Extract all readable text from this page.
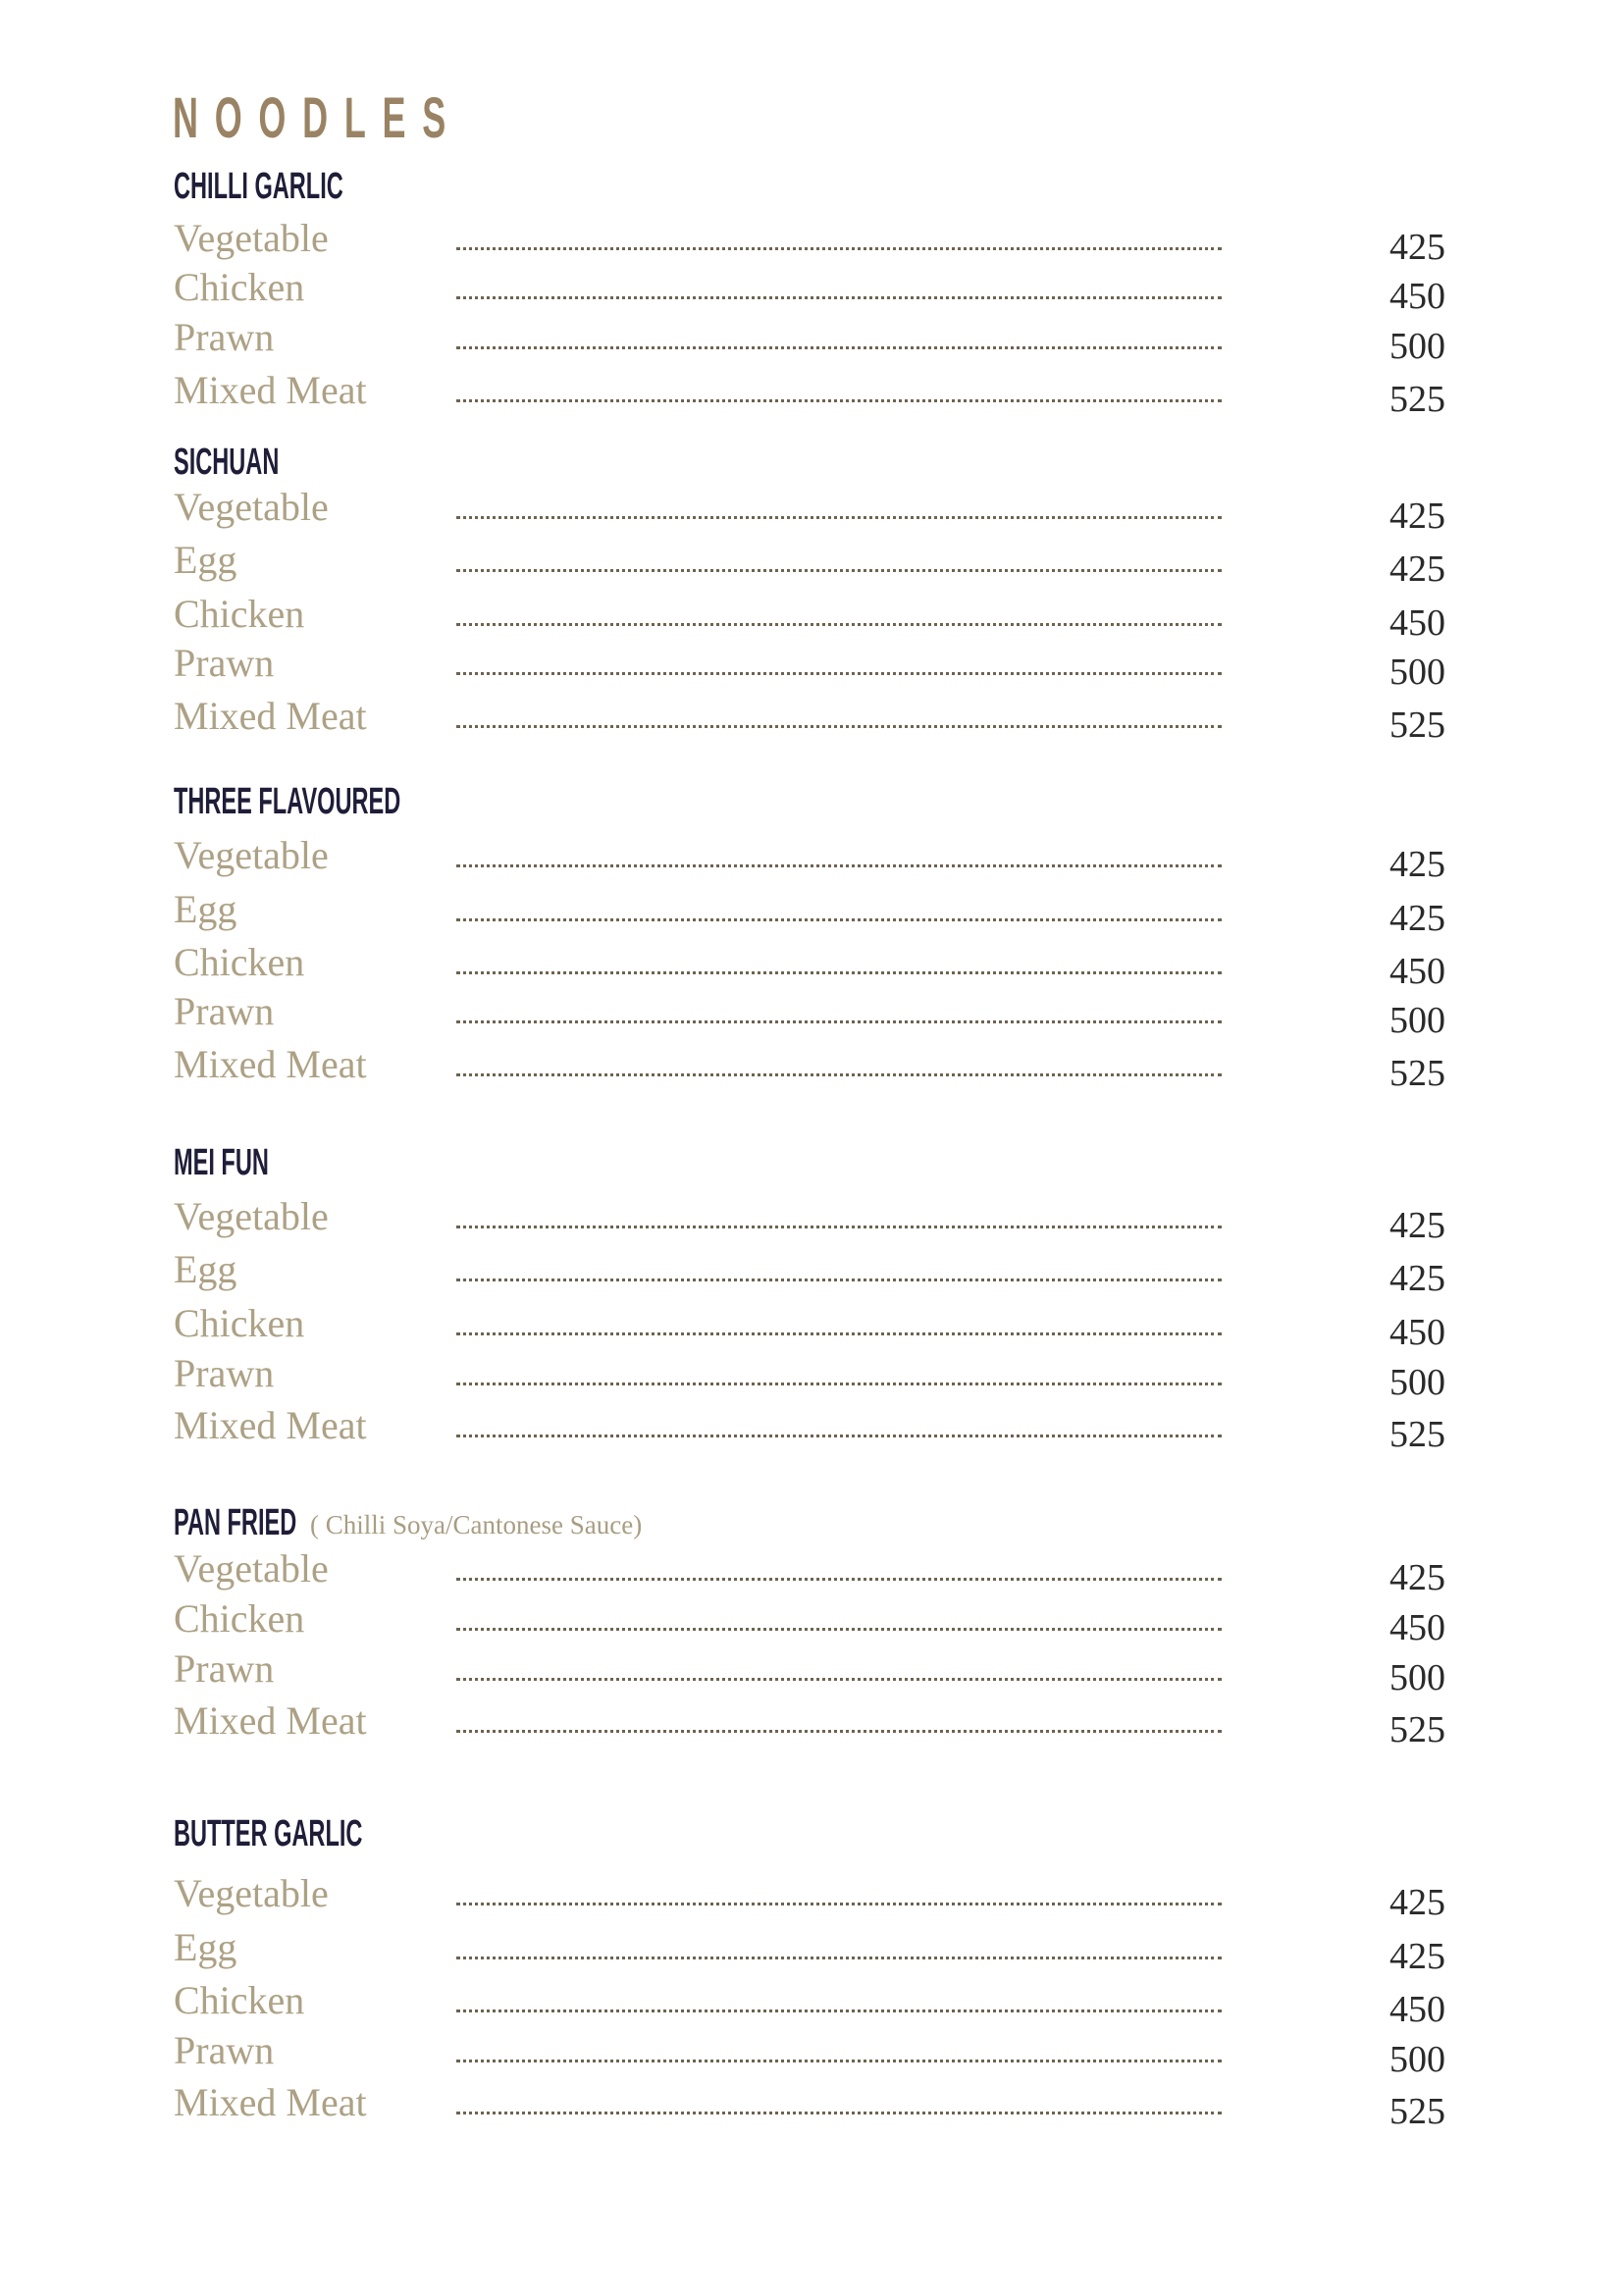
NOODLES
CHILLI GARLIC
Vegetable	425
Chicken	450
Prawn	500
Mixed Meat	525
SICHUAN
Vegetable	425
Egg	425
Chicken	450
Prawn	500
Mixed Meat	525
THREE FLAVOURED
Vegetable	425
Egg	425
Chicken	450
Prawn	500
Mixed Meat	525
MEI FUN
Vegetable	425
Egg	425
Chicken	450
Prawn	500
Mixed Meat	525
PAN FRIED ( Chilli Soya/Cantonese Sauce)
Vegetable	425
Chicken	450
Prawn	500
Mixed Meat	525
BUTTER GARLIC
Vegetable	425
Egg	425
Chicken	450
Prawn	500
Mixed Meat	525
